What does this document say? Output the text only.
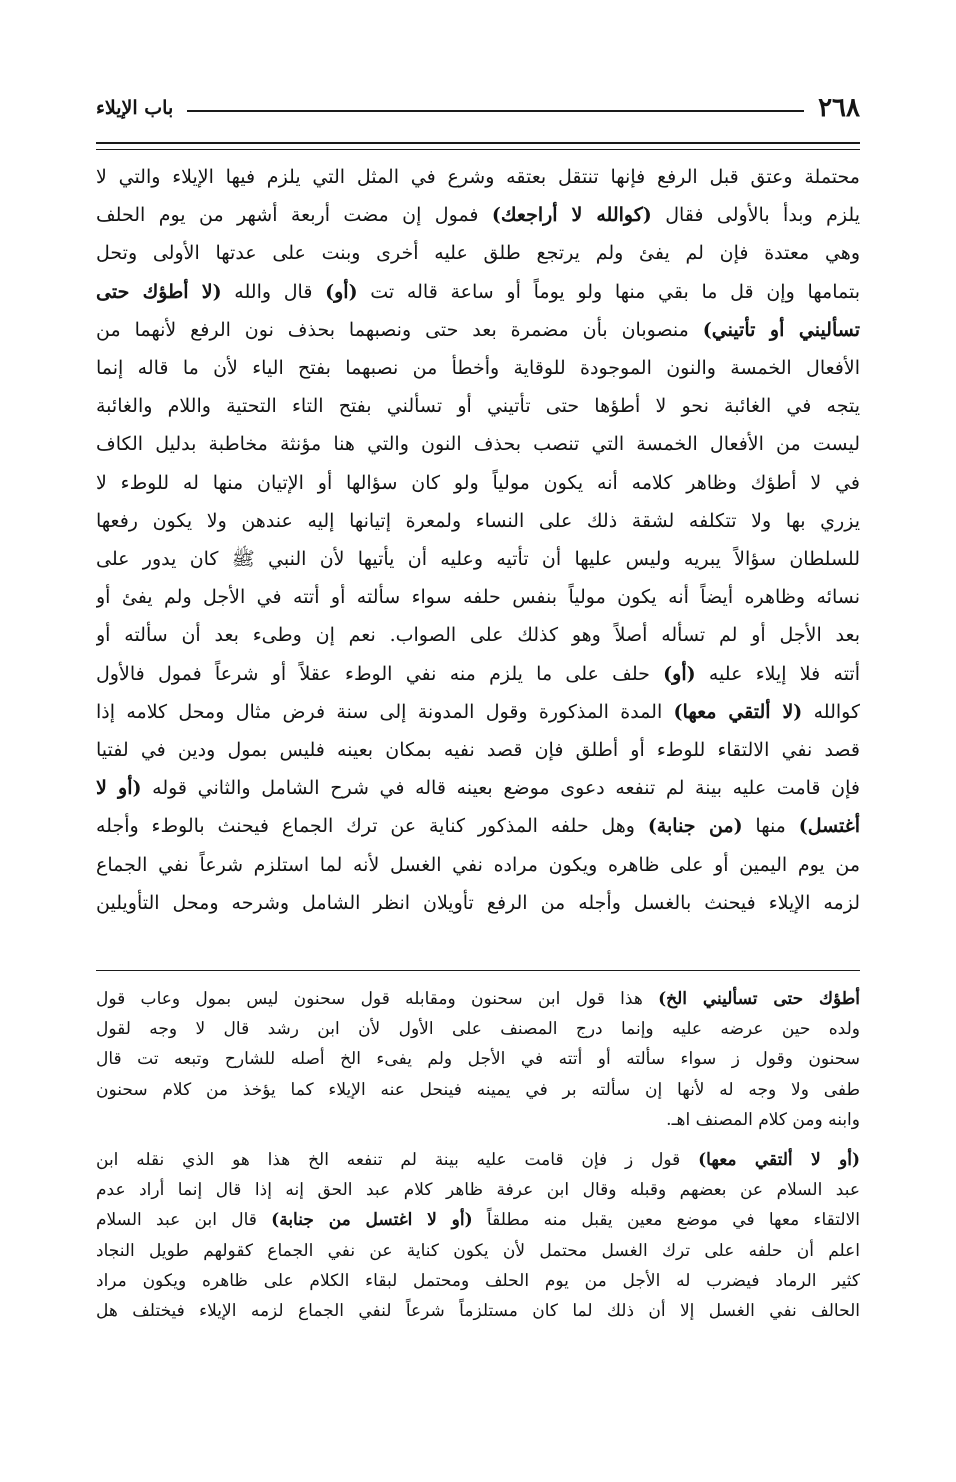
٢٦٨
باب الإيلاء
محتملة وعتق قبل الرفع فإنها تنتقل بعتقه وشرع في المثل التي يلزم فيها الإيلاء والتي لا
يلزم وبدأ بالأولى فقال (كوالله لا أراجعك) فمول إن مضت أربعة أشهر من يوم الحلف
وهي معتدة فإن لم يفئ ولم يرتجع طلق عليه أخرى وبنت على عدتها الأولى وتحل
بتمامها وإن قل ما بقي منها ولو يوماً أو ساعة قاله تت (أو) قال والله (لا أطؤك حتى
تسأليني أو تأتيني) منصوبان بأن مضمرة بعد حتى ونصبهما بحذف نون الرفع لأنهما من
الأفعال الخمسة والنون الموجودة للوقاية وأخطأ من نصبهما بفتح الياء لأن ما قاله إنما
يتجه في الغائبة نحو لا أطؤها حتى تأتيني أو تسألني بفتح التاء التحتية واللام والغائبة
ليست من الأفعال الخمسة التي تنصب بحذف النون والتي هنا مؤنثة مخاطبة بدليل الكاف
في لا أطؤك وظاهر كلامه أنه يكون مولياً ولو كان سؤالها أو الإتيان منها له للوطء لا
يزري بها ولا تتكلفه لشقة ذلك على النساء ولمعرة إتيانها إليه عندهن ولا يكون رفعها
للسلطان سؤالاً يبريه وليس عليها أن تأتيه وعليه أن يأتيها لأن النبي ﷺ كان يدور على
نسائه وظاهره أيضاً أنه يكون مولياً بنفس حلفه سواء سألته أو أتته في الأجل ولم يفئ أو
بعد الأجل أو لم تسأله أصلاً وهو كذلك على الصواب. نعم إن وطىء بعد أن سألته أو
أتته فلا إيلاء عليه (أو) حلف على ما يلزم منه نفي الوطء عقلاً أو شرعاً فمول فالأول
كوالله (لا ألتقي معها) المدة المذكورة وقول المدونة إلى سنة فرض مثال ومحل كلامه إذا
قصد نفي الالتقاء للوطء أو أطلق فإن قصد نفيه بمكان بعينه فليس بمول ودين في لفتيا
فإن قامت عليه بينة لم تنفعه دعوى موضع بعينه قاله في شرح الشامل والثاني قوله (أو لا
أغتسل) منها (من جنابة) وهل حلفه المذكور كناية عن ترك الجماع فيحنث بالوطء وأجله
من يوم اليمين أو على ظاهره ويكون مراده نفي الغسل لأنه لما استلزم شرعاً نفي الجماع
لزمه الإيلاء فيحنث بالغسل وأجله من الرفع تأويلان انظر الشامل وشرحه ومحل التأويلين
أطؤك حتى تسأليني الخ) هذا قول ابن سحنون ومقابله قول سحنون ليس بمول وعاب قول
ولده حين عرضه عليه وإنما درج المصنف على الأول لأن ابن رشد قال لا وجه لقول
سحنون وقول ز سواء سألته أو أتته في الأجل ولم يفىء الخ أصله للشارح وتبعه تت قال
طفى ولا وجه له لأنها إن سألته بر في يمينه فينحل عنه الإيلاء كما يؤخذ من كلام سحنون
وابنه ومن كلام المصنف اهـ.
(أو لا ألتقي معها) قول ز فإن قامت عليه بينة لم تنفعه الخ هذا هو الذي نقله ابن
عبد السلام عن بعضهم وقبله وقال ابن عرفة ظاهر كلام عبد الحق إنه إذا قال إنما أراد عدم
الالتقاء معها في موضع معين يقبل منه مطلقاً (أو لا اغتسل من جنابة) قال ابن عبد السلام
اعلم أن حلفه على ترك الغسل محتمل لأن يكون كناية عن نفي الجماع كقولهم طويل النجاد
كثير الرماد فيضرب له الأجل من يوم الحلف ومحتمل لبقاء الكلام على ظاهره ويكون مراد
الحالف نفي الغسل إلا أن ذلك لما كان مستلزماً شرعاً لنفي الجماع لزمه الإيلاء فيختلف هل
